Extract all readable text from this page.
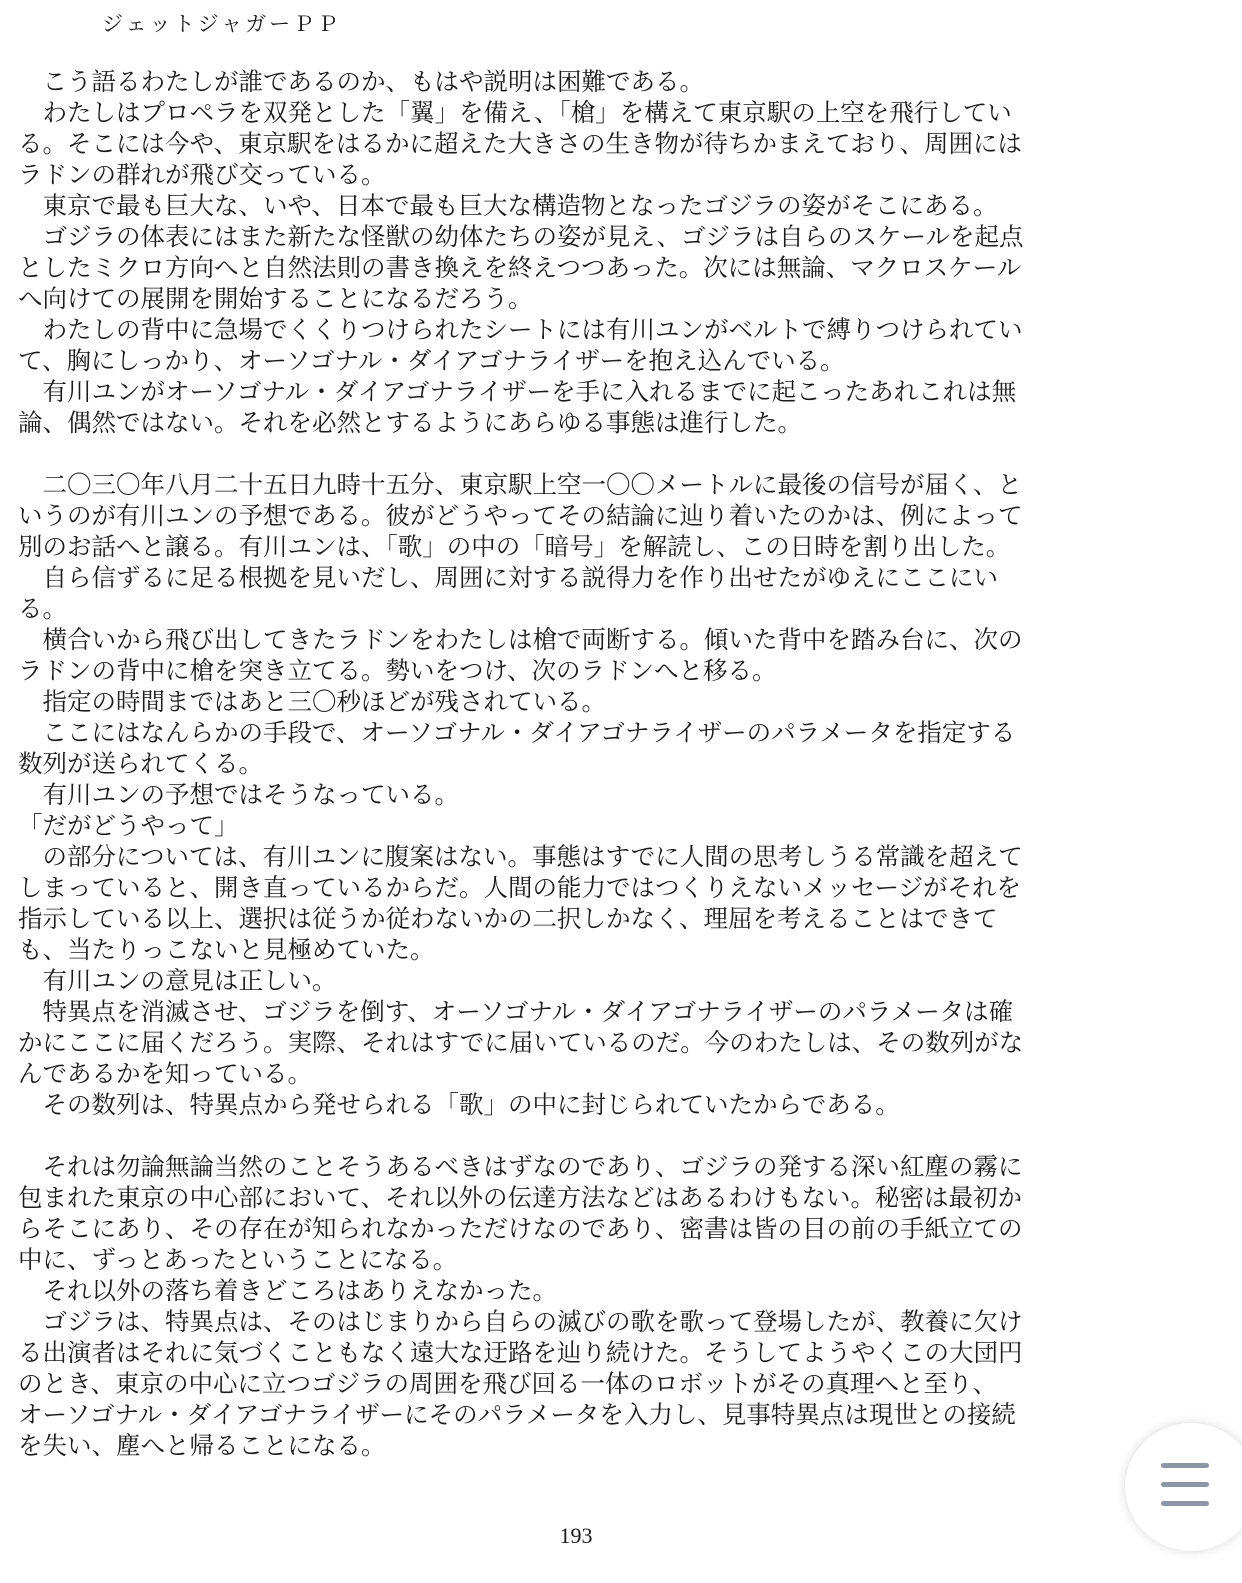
ジェットジャガーＰＰ
　こう語るわたしが誰であるのか、もはや説明は困難である。
　わたしはプロペラを双発とした「翼」を備え、「槍」を構えて東京駅の上空を飛行してい
る。そこには今や、東京駅をはるかに超えた大きさの生き物が待ちかまえており、周囲には
ラドンの群れが飛び交っている。
　東京で最も巨大な、いや、日本で最も巨大な構造物となったゴジラの姿がそこにある。
　ゴジラの体表にはまた新たな怪獣の幼体たちの姿が見え、ゴジラは自らのスケールを起点
としたミクロ方向へと自然法則の書き換えを終えつつあった。次には無論、マクロスケール
へ向けての展開を開始することになるだろう。
　わたしの背中に急場でくくりつけられたシートには有川ユンがベルトで縛りつけられてい
て、胸にしっかり、オーソゴナル・ダイアゴナライザーを抱え込んでいる。
　有川ユンがオーソゴナル・ダイアゴナライザーを手に入れるまでに起こったあれこれは無
論、偶然ではない。それを必然とするようにあらゆる事態は進行した。
　二〇三〇年八月二十五日九時十五分、東京駅上空一〇〇メートルに最後の信号が届く、と
いうのが有川ユンの予想である。彼がどうやってその結論に辿り着いたのかは、例によって
別のお話へと譲る。有川ユンは、「歌」の中の「暗号」を解読し、この日時を割り出した。
　自ら信ずるに足る根拠を見いだし、周囲に対する説得力を作り出せたがゆえにここにい
る。
　横合いから飛び出してきたラドンをわたしは槍で両断する。傾いた背中を踏み台に、次の
ラドンの背中に槍を突き立てる。勢いをつけ、次のラドンへと移る。
　指定の時間まではあと三〇秒ほどが残されている。
　ここにはなんらかの手段で、オーソゴナル・ダイアゴナライザーのパラメータを指定する
数列が送られてくる。
　有川ユンの予想ではそうなっている。
「だがどうやって」
　の部分については、有川ユンに腹案はない。事態はすでに人間の思考しうる常識を超えて
しまっていると、開き直っているからだ。人間の能力ではつくりえないメッセージがそれを
指示している以上、選択は従うか従わないかの二択しかなく、理屈を考えることはできて
も、当たりっこないと見極めていた。
　有川ユンの意見は正しい。
　特異点を消滅させ、ゴジラを倒す、オーソゴナル・ダイアゴナライザーのパラメータは確
かにここに届くだろう。実際、それはすでに届いているのだ。今のわたしは、その数列がな
んであるかを知っている。
　その数列は、特異点から発せられる「歌」の中に封じられていたからである。
　それは勿論無論当然のことそうあるべきはずなのであり、ゴジラの発する深い紅塵の霧に
包まれた東京の中心部において、それ以外の伝達方法などはあるわけもない。秘密は最初か
らそこにあり、その存在が知られなかっただけなのであり、密書は皆の目の前の手紙立ての
中に、ずっとあったということになる。
　それ以外の落ち着きどころはありえなかった。
　ゴジラは、特異点は、そのはじまりから自らの滅びの歌を歌って登場したが、教養に欠け
る出演者はそれに気づくこともなく遠大な迂路を辿り続けた。そうしてようやくこの大団円
のとき、東京の中心に立つゴジラの周囲を飛び回る一体のロボットがその真理へと至り、
オーソゴナル・ダイアゴナライザーにそのパラメータを入力し、見事特異点は現世との接続
を失い、塵へと帰ることになる。
193
